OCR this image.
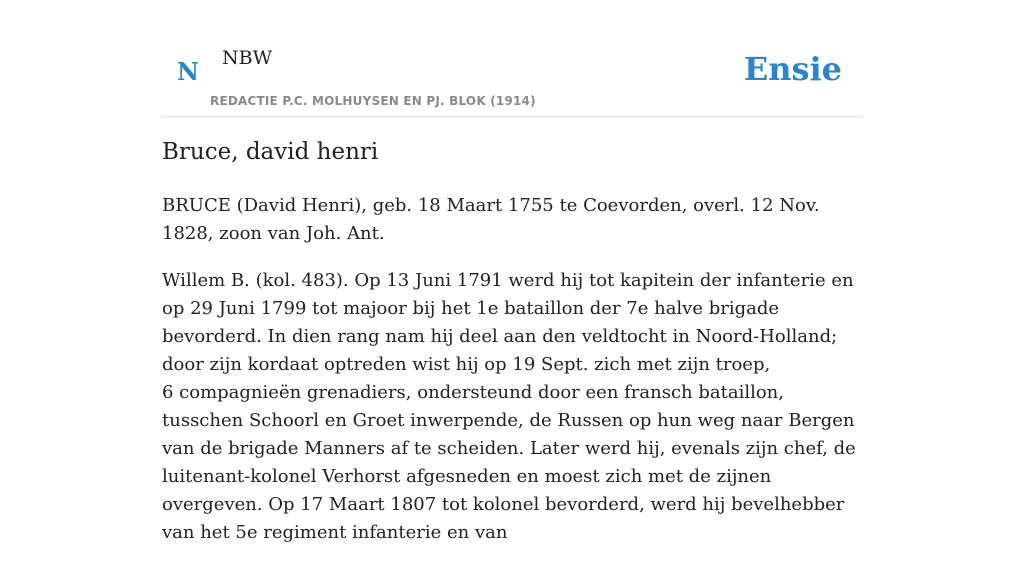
N NBW
REDACTIE P.C. MOLHUYSEN EN PJ. BLOK (1914)
Ensie
Bruce, david henri

BRUCE (David Henri), geb. 18 Maart 1755 te Coevorden, overl. 12 Nov. 1828, zoon van Joh. Ant.

Willem B. (kol. 483). Op 13 Juni 1791 werd hij tot kapitein der infanterie en op 29 Juni 1799 tot majoor bij het 1e bataillon der 7e halve brigade bevorderd. In dien rang nam hij deel aan den veldtocht in Noord-Holland; door zijn kordaat optreden wist hij op 19 Sept. zich met zijn troep,
6 compagnieën grenadiers, ondersteund door een fransch bataillon, tusschen Schoorl en Groet inwerpende, de Russen op hun weg naar Bergen van de brigade Manners af te scheiden. Later werd hij, evenals zijn chef, de luitenant-kolonel Verhorst afgesneden en moest zich met de zijnen overgeven. Op 17 Maart 1807 tot kolonel bevorderd, werd hij bevelhebber van het 5e regiment infanterie en van
